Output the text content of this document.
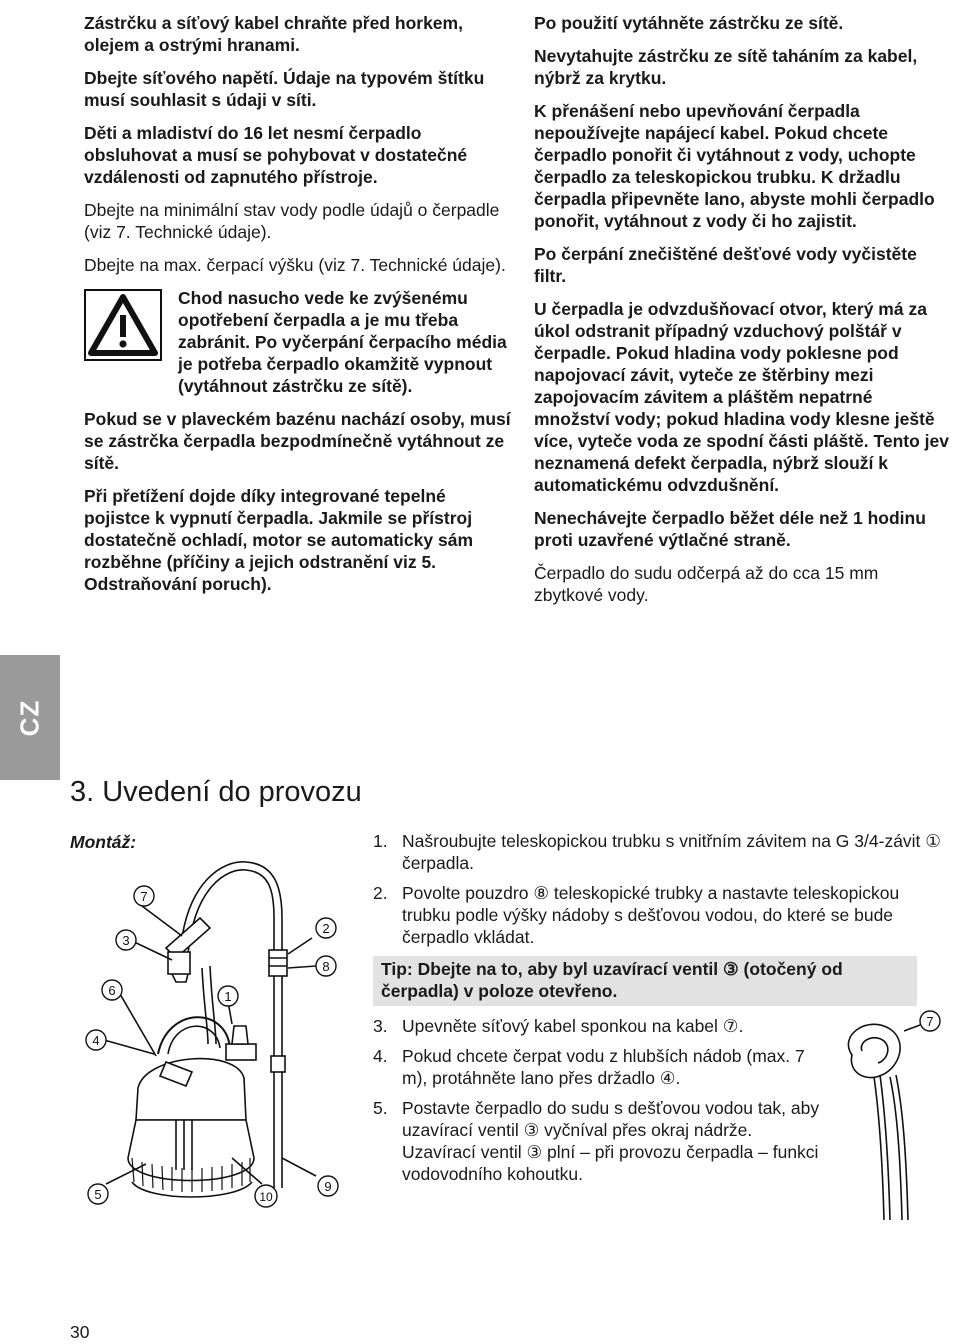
Zástrčku a síťový kabel chraňte před horkem, olejem a ostrými hranami.

Dbejte síťového napětí. Údaje na typovém štítku musí souhlasit s údaji v síti.

Děti a mladiství do 16 let nesmí čerpadlo obsluhovat a musí se pohybovat v dostatečné vzdálenosti od zapnutého přístroje.

Dbejte na minimální stav vody podle údajů o čerpadle (viz 7. Technické údaje).

Dbejte na max. čerpací výšku (viz 7. Technické údaje).

Chod nasucho vede ke zvýšenému opotřebení čerpadla a je mu třeba zabránit. Po vyčerpání čerpacího média je potřeba čerpadlo okamžitě vypnout (vytáhnout zástrčku ze sítě).

Pokud se v plaveckém bazénu nachází osoby, musí se zástrčka čerpadla bezpodmínečně vytáhnout ze sítě.

Při přetížení dojde díky integrované tepelné pojistce k vypnutí čerpadla. Jakmile se přístroj dostatečně ochladí, motor se automaticky sám rozběhne (příčiny a jejich odstranění viz 5. Odstraňování poruch).

Po použití vytáhněte zástrčku ze sítě.

Nevytahujte zástrčku ze sítě taháním za kabel, nýbrž za krytku.

K přenášení nebo upevňování čerpadla nepoužívejte napájecí kabel. Pokud chcete čerpadlo ponořit či vytáhnout z vody, uchopte čerpadlo za teleskopickou trubku. K držadlu čerpadla připevněte lano, abyste mohli čerpadlo ponořit, vytáhnout z vody či ho zajistit.

Po čerpání znečištěné dešťové vody vyčistěte filtr.

U čerpadla je odvzdušňovací otvor, který má za úkol odstranit případný vzduchový polštář v čerpadle. Pokud hladina vody poklesne pod napojovací závit, vyteče ze štěrbiny mezi zapojovacím závitem a pláštěm nepatrné množství vody; pokud hladina vody klesne ještě více, vyteče voda ze spodní části pláště. Tento jev neznamená defekt čerpadla, nýbrž slouží k automatickému odvzdušnění.

Nenechávejte čerpadlo běžet déle než 1 hodinu proti uzavřené výtlačné straně.

Čerpadlo do sudu odčerpá až do cca 15 mm zbytkové vody.

CZ
3. Uvedení do provozu
Montáž:
7
3
2
8
6	1
4
5	10
9
1. Našroubujte teleskopickou trubku s vnitřním závitem na G 3/4-závit ① čerpadla.
2. Povolte pouzdro ⑧ teleskopické trubky a nastavte teleskopickou trubku podle výšky nádoby s dešťovou vodou, do které se bude čerpadlo vkládat.
Tip: Dbejte na to, aby byl uzavírací ventil ③ (otočený od čerpadla) v poloze otevřeno.
3. Upevněte síťový kabel sponkou na kabel ⑦.
4. Pokud chcete čerpat vodu z hlubších nádob (max. 7 m), protáhněte lano přes držadlo ④.
5. Postavte čerpadlo do sudu s dešťovou vodou tak, aby uzavírací ventil ③ vyčníval přes okraj nádrže. Uzavírací ventil ③ plní – při provozu čerpadla – funkci vodovodního kohoutku.
7
30
